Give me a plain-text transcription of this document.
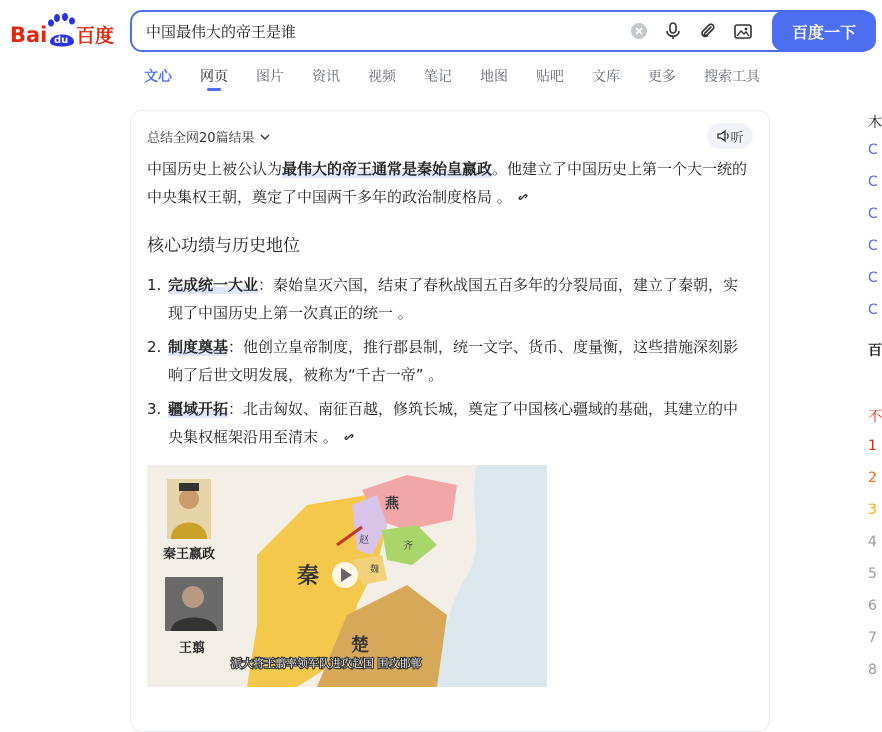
Bai du 百度
中国最伟大的帝王是谁	百度一下
文心 网页 图片 资讯 视频 笔记 地图 贴吧 文库 更多 搜索工具
总结全网20篇结果	听
中国历史上被公认为最伟大的帝王通常是秦始皇嬴政。他建立了中国历史上第一个大一统的中央集权王朝，奠定了中国两千多年的政治制度格局 。
核心功绩与历史地位
1. 完成统一大业：秦始皇灭六国，结束了春秋战国五百多年的分裂局面，建立了秦朝，实现了中国历史上第一次真正的统一 。
2. 制度奠基：他创立皇帝制度，推行郡县制，统一文字、货币、度量衡，这些措施深刻影响了后世文明发展，被称为“千古一帝” 。
3. 疆域开拓：北击匈奴、南征百越，修筑长城，奠定了中国核心疆域的基础，其建立的中央集权框架沿用至清末 。
秦
燕
赵
齐
魏
楚
秦王嬴政
王翦
派大将王翦率领军队进攻赵国 围攻邯郸
木
C
C
C
C
C
C
百
不
1
2
3
4
5
6
7
8
